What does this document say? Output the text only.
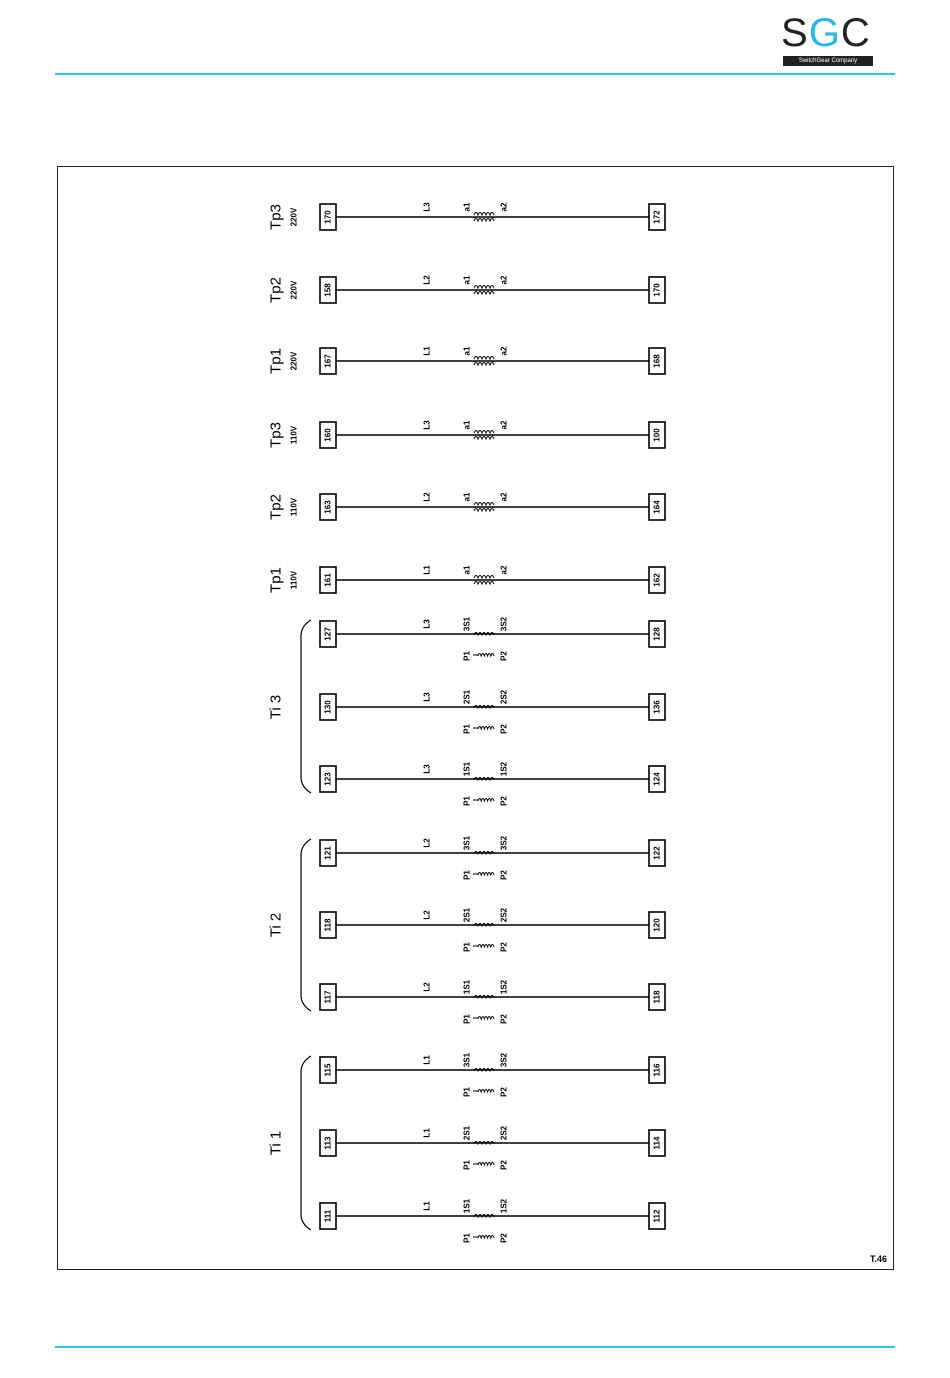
SGC
SwitchGear Company
170	172
L3	a1	a2
Tp3 220V
158	170
L2	a1	a2
Tp2 220V
167	168
L1	a1	a2
Tp1 220V
160	100
L3	a1	a2
Tp3 110V
163	164
L2	a1	a2
Tp2 110V
161	162
L1	a1	a2
Tp1 110V
127	128
L3	3S1	3S2
P1	P2
130	136
L3	2S1	2S2
P1	P2
123	124
L3	1S1	1S2
P1	P2
Ti 3
121	122
L2	3S1	3S2
P1	P2
118	120
L2	2S1	2S2
P1	P2
117	118
L2	1S1	1S2
P1	P2
Ti 2
115	116
L1	3S1	3S2
P1	P2
113	114
L1	2S1	2S2
P1	P2
111	112
L1	1S1	1S2
P1	P2
Ti 1
T.46
